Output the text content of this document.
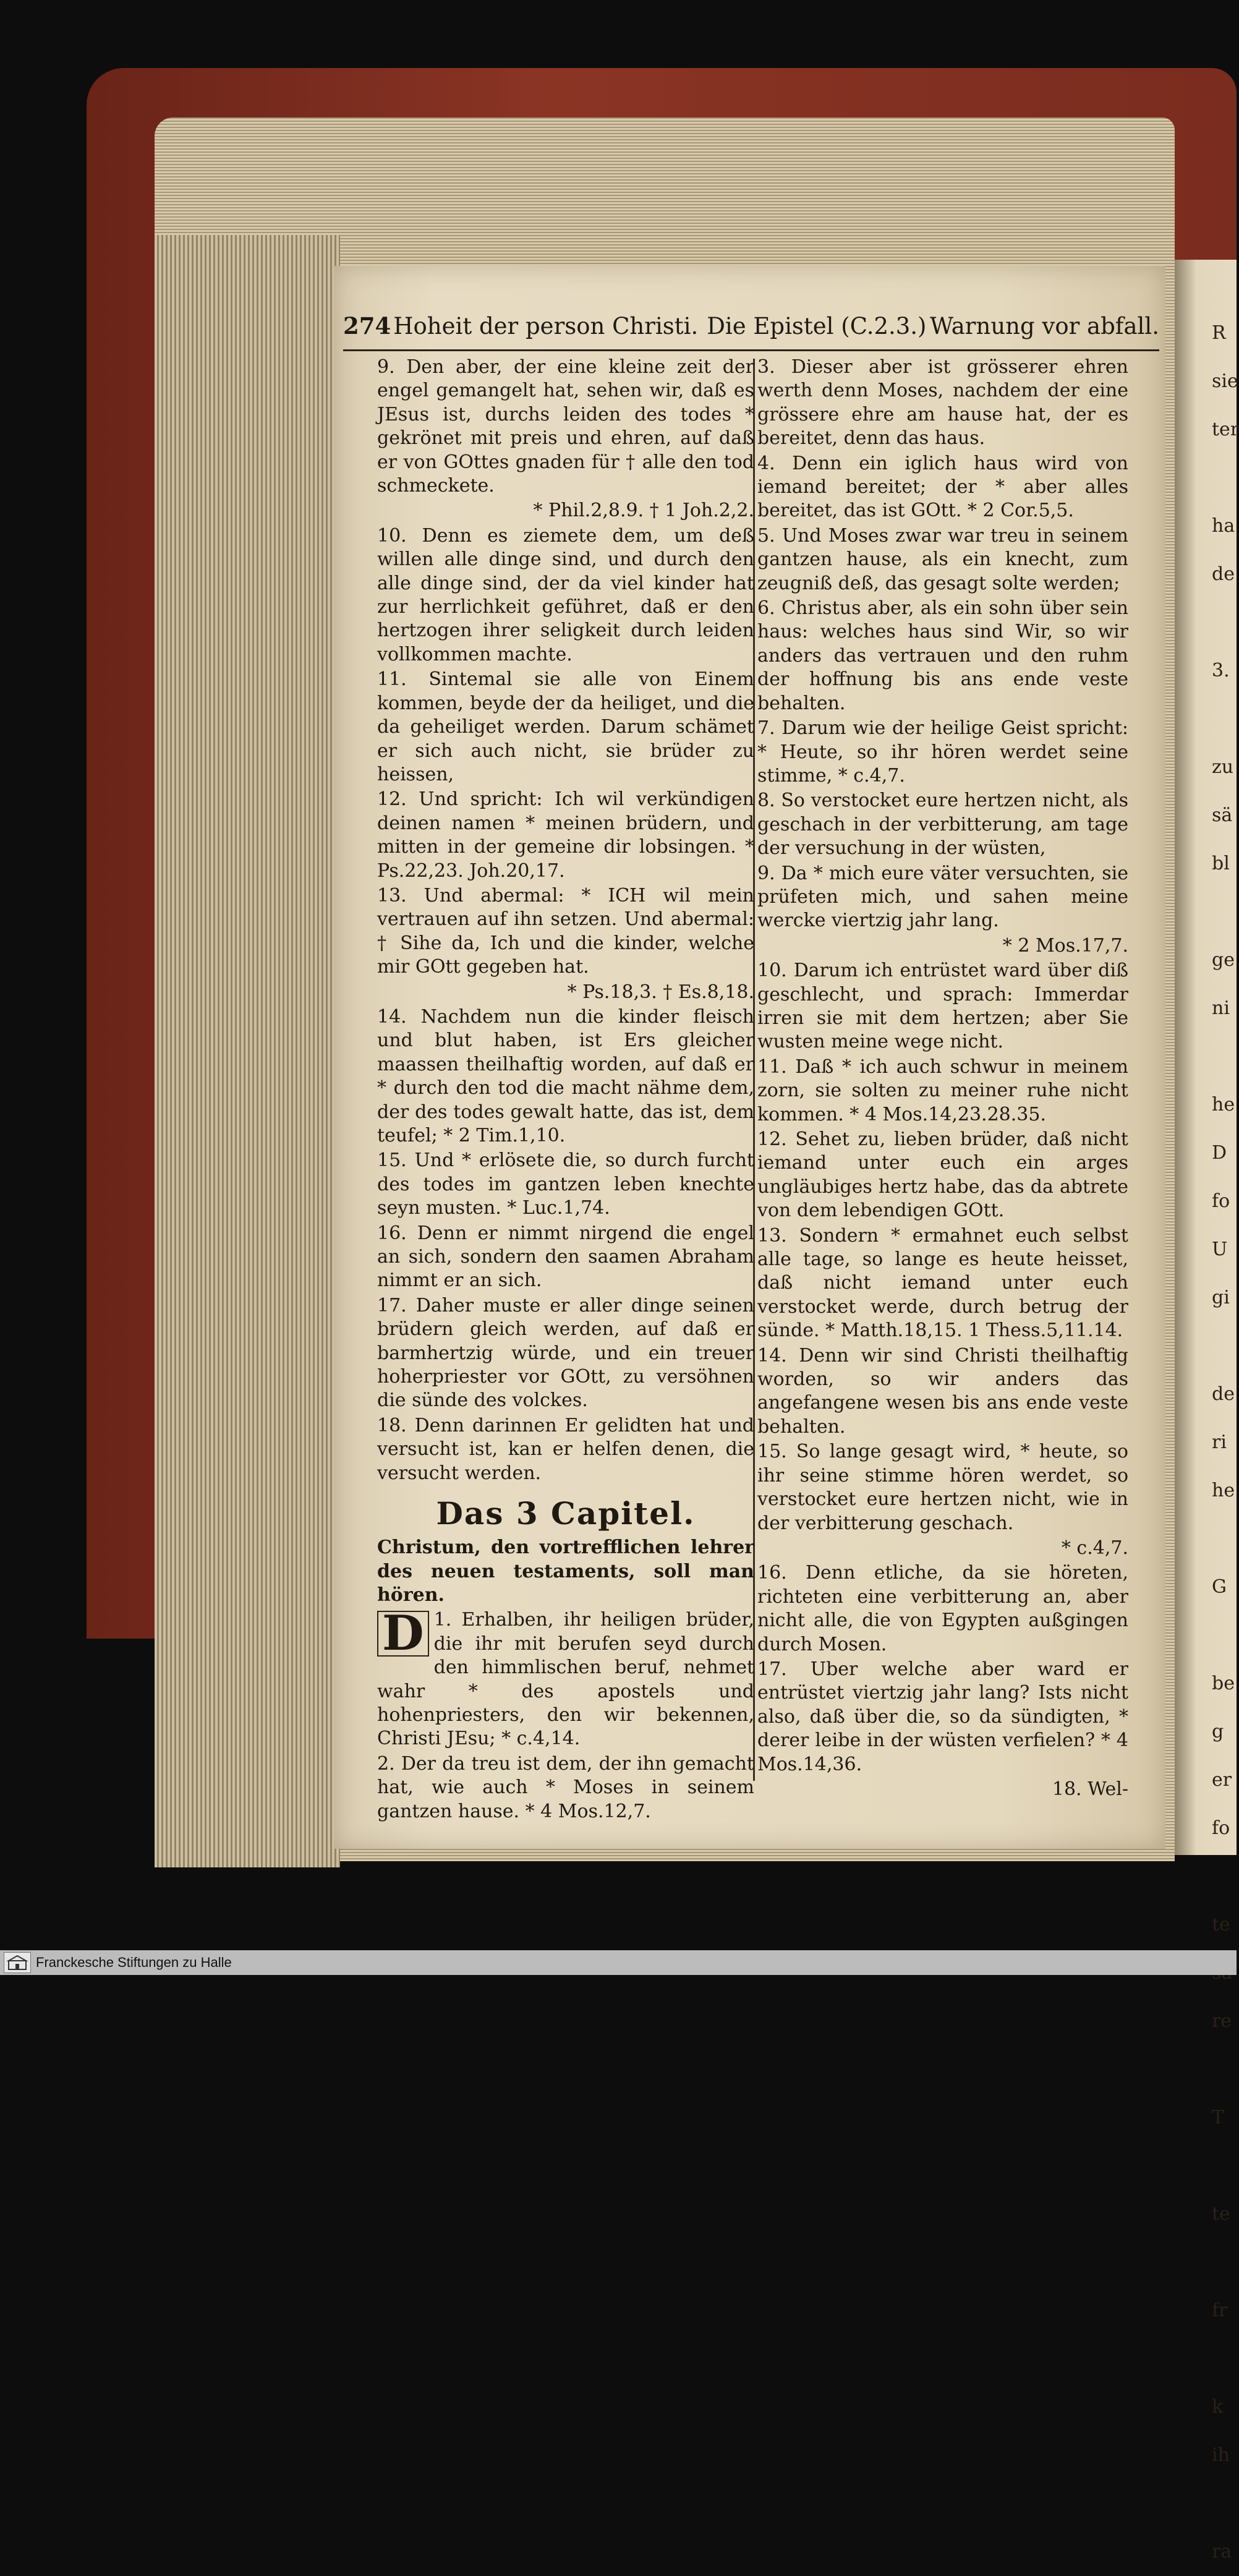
R
sie
ter
ha
de
3.
zu
sä
bl
ge
ni
he
D
fo
U
gi
de
ri
he
G
be
g
er
fo
te
re
T
te
fr
k
ih
ra
274 Hoheit der person Christi. Die Epistel (C.2.3.) Warnung vor abfall.

9. Den aber, der eine kleine zeit der engel gemangelt hat, sehen wir, daß es JEsus ist, durchs leiden des todes * gekrönet mit preis und ehren, auf daß er von GOttes gnaden für † alle den tod schmeckete.

* Phil.2,8.9. † 1 Joh.2,2.

10. Denn es ziemete dem, um deß willen alle dinge sind, und durch den alle dinge sind, der da viel kinder hat zur herrlichkeit geführet, daß er den hertzogen ihrer seligkeit durch leiden vollkommen machte.

11. Sintemal sie alle von Einem kommen, beyde der da heiliget, und die da geheiliget werden. Darum schämet er sich auch nicht, sie brüder zu heissen,

12. Und spricht: Ich wil verkündigen deinen namen * meinen brüdern, und mitten in der gemeine dir lobsingen. * Ps.22,23. Joh.20,17.

13. Und abermal: * ICH wil mein vertrauen auf ihn setzen. Und abermal: † Sihe da, Ich und die kinder, welche mir GOtt gegeben hat.

* Ps.18,3. † Es.8,18.

14. Nachdem nun die kinder fleisch und blut haben, ist Ers gleicher maassen theilhaftig worden, auf daß er * durch den tod die macht nähme dem, der des todes gewalt hatte, das ist, dem teufel; * 2 Tim.1,10.

15. Und * erlösete die, so durch furcht des todes im gantzen leben knechte seyn musten. * Luc.1,74.

16. Denn er nimmt nirgend die engel an sich, sondern den saamen Abraham nimmt er an sich.

17. Daher muste er aller dinge seinen brüdern gleich werden, auf daß er barmhertzig würde, und ein treuer hoherpriester vor GOtt, zu versöhnen die sünde des volckes.

18. Denn darinnen Er gelidten hat und versucht ist, kan er helfen denen, die versucht werden.

Das 3 Capitel.

Christum, den vortrefflichen lehrer des neuen testaments, soll man hören.

1.
D Erhalben, ihr heiligen brüder, die ihr mit berufen seyd durch den himmlischen beruf, nehmet wahr * des apostels und hohenpriesters, den wir bekennen, Christi JEsu; * c.4,14.

2. Der da treu ist dem, der ihn gemacht hat, wie auch * Moses in seinem gantzen hause. * 4 Mos.12,7.

3. Dieser aber ist grösserer ehren werth denn Moses, nachdem der eine grössere ehre am hause hat, der es bereitet, denn das haus.

4. Denn ein iglich haus wird von iemand bereitet; der * aber alles bereitet, das ist GOtt. * 2 Cor.5,5.

5. Und Moses zwar war treu in seinem gantzen hause, als ein knecht, zum zeugniß deß, das gesagt solte werden;

6. Christus aber, als ein sohn über sein haus: welches haus sind Wir, so wir anders das vertrauen und den ruhm der hoffnung bis ans ende veste behalten.

7. Darum wie der heilige Geist spricht: * Heute, so ihr hören werdet seine stimme, * c.4,7.

8. So verstocket eure hertzen nicht, als geschach in der verbitterung, am tage der versuchung in der wüsten,

9. Da * mich eure väter versuchten, sie prüfeten mich, und sahen meine wercke viertzig jahr lang.

* 2 Mos.17,7.

10. Darum ich entrüstet ward über diß geschlecht, und sprach: Immerdar irren sie mit dem hertzen; aber Sie wusten meine wege nicht.

11. Daß * ich auch schwur in meinem zorn, sie solten zu meiner ruhe nicht kommen. * 4 Mos.14,23.28.35.

12. Sehet zu, lieben brüder, daß nicht iemand unter euch ein arges ungläubiges hertz habe, das da abtrete von dem lebendigen GOtt.

13. Sondern * ermahnet euch selbst alle tage, so lange es heute heisset, daß nicht iemand unter euch verstocket werde, durch betrug der sünde. * Matth.18,15. 1 Thess.5,11.14.

14. Denn wir sind Christi theilhaftig worden, so wir anders das angefangene wesen bis ans ende veste behalten.

15. So lange gesagt wird, * heute, so ihr seine stimme hören werdet, so verstocket eure hertzen nicht, wie in der verbitterung geschach.

* c.4,7.

16. Denn etliche, da sie höreten, richteten eine verbitterung an, aber nicht alle, die von Egypten außgingen durch Mosen.

17. Uber welche aber ward er entrüstet viertzig jahr lang? Ists nicht also, daß über die, so da sündigten, * derer leibe in der wüsten verfielen? * 4 Mos.14,36.

18. Wel-

Franckesche Stiftungen zu Halle
